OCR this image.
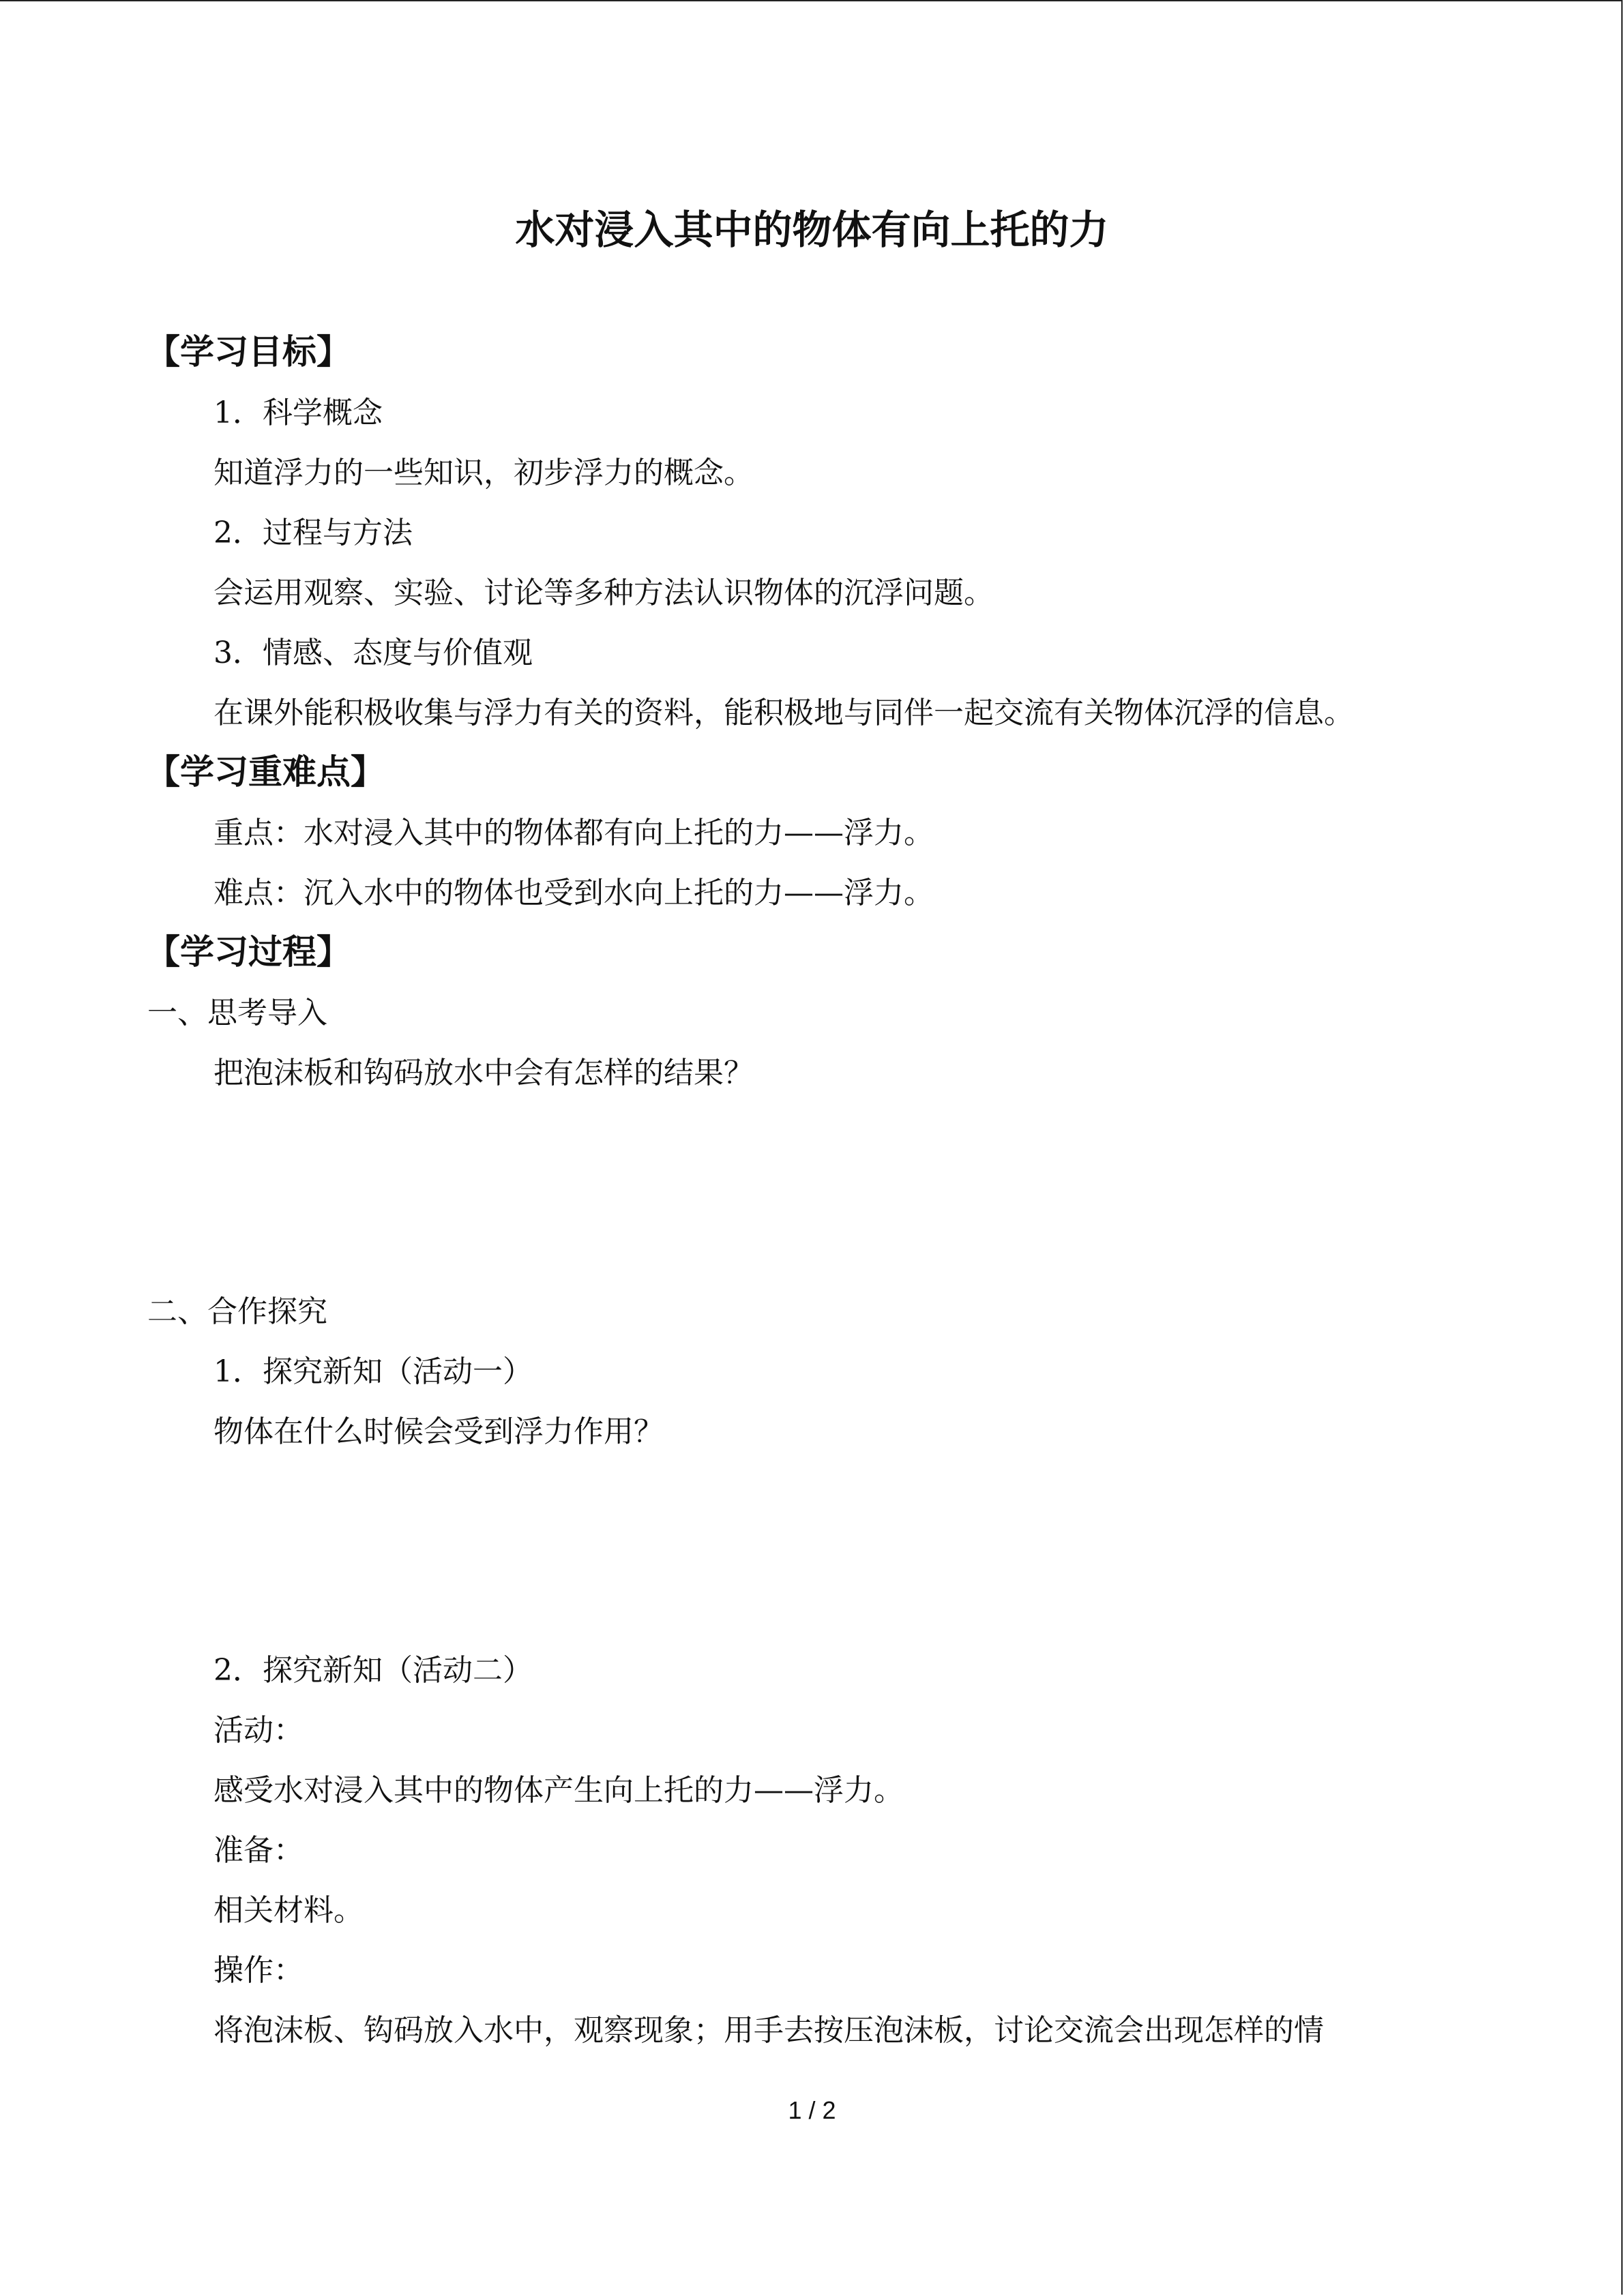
水对浸入其中的物体有向上托的力
【学习目标】
1．科学概念
知道浮力的一些知识，初步浮力的概念。
2．过程与方法
会运用观察、实验、讨论等多种方法认识物体的沉浮问题。
3．情感、态度与价值观
在课外能积极收集与浮力有关的资料，能积极地与同伴一起交流有关物体沉浮的信息。
【学习重难点】
重点：水对浸入其中的物体都有向上托的力——浮力。
难点：沉入水中的物体也受到水向上托的力——浮力。
【学习过程】
一、思考导入
把泡沫板和钩码放水中会有怎样的结果？
二、合作探究
1．探究新知（活动一）
物体在什么时候会受到浮力作用？
2．探究新知（活动二）
活动：
感受水对浸入其中的物体产生向上托的力——浮力。
准备：
相关材料。
操作：
将泡沫板、钩码放入水中，观察现象；用手去按压泡沫板，讨论交流会出现怎样的情
1 / 2
